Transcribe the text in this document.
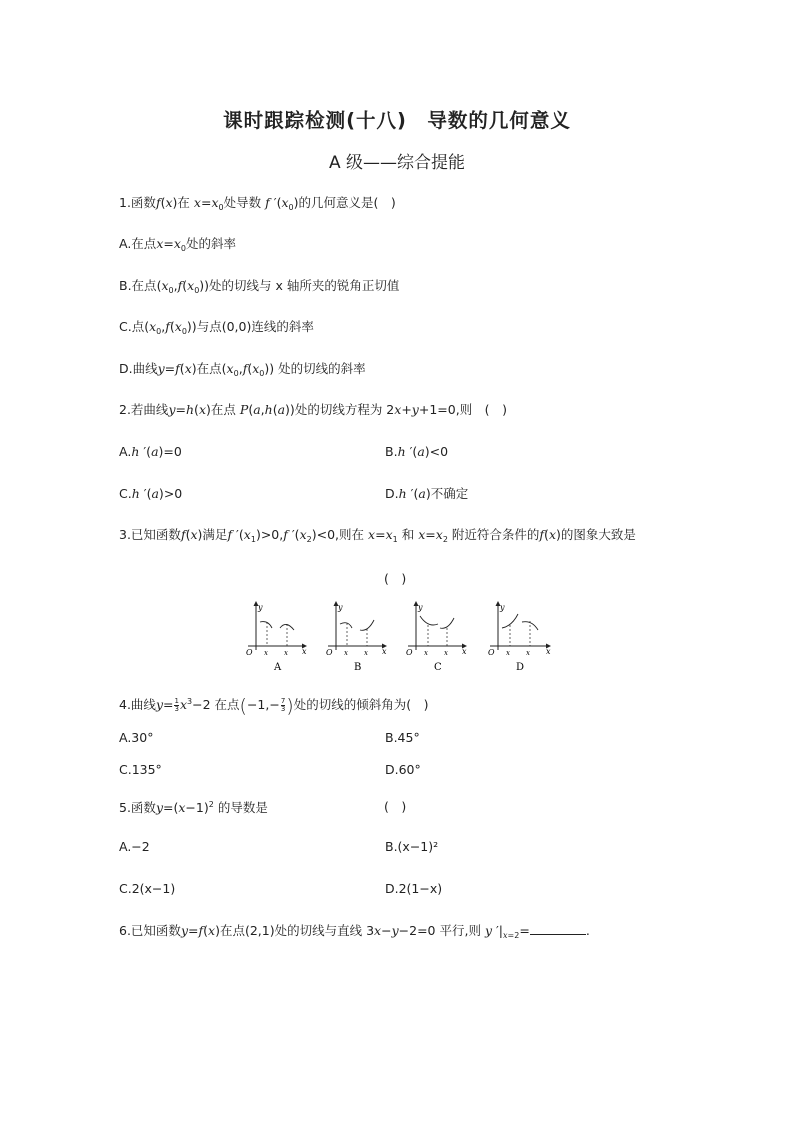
课时跟踪检测(十八)　导数的几何意义
A 级——综合提能
1.函数f(x)在 $x=x_0$处导数 f $'(x_0)$的几何意义是(　)
A.在点$x=x_0$处的斜率
B.在点$(x_0,f(x_0))$处的切线与 x 轴所夹的锐角正切值
C.点$(x_0,f(x_0))$与点(0,0)连线的斜率
D.曲线y=f(x)在点$(x_0,f(x_0))$ 处的切线的斜率
2.若曲线y=h(x)在点 P(a,h(a))处的切线方程为 2x+y+1=0,则　(　)
A.h ′(a)=0	B.h ′(a)<0
C.h ′(a)>0	D.h ′(a)不确定
3.已知函数f(x)满足f $'(x_1)>0,f$ $'(x_2)<0$,则在 $x=x_1$ 和 $x=x_2$ 附近符合条件的f(x)的图象大致是
(　)
y
x
O x x
A
y
x
O x x
B
y
x
O x x
C
y
x
O x x
D
4.曲线$y= \frac{1}{3} x^3-2$ 在点($-1,- \frac{7}{3}$ )处的切线的倾斜角为(　)
A.30°	B.45°
C.135°	D.60°
5.函数$y=(x-1)^2$ 的导数是	(　)
A.−2	B.(x−1)²
C.2(x−1)	D.2(1−x)
6.已知函数y=f(x)在点(2,1)处的切线与直线 3x−y−2=0 平行,则 y $'|_{x=2}=$	.
